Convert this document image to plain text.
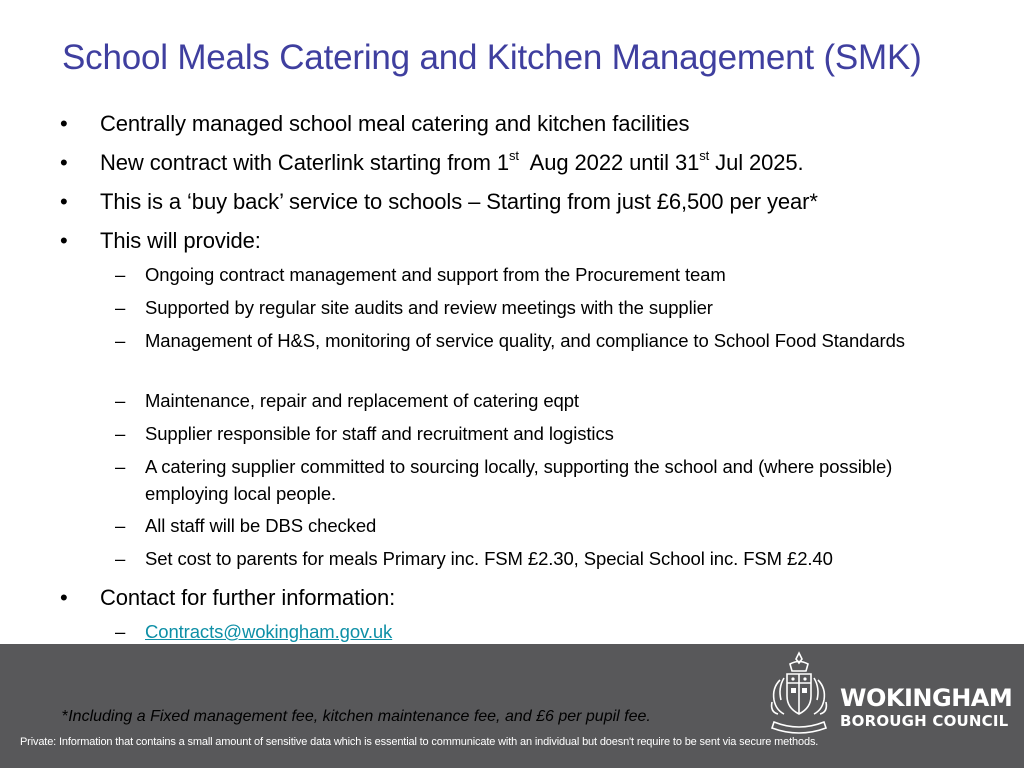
School Meals Catering and Kitchen Management (SMK)
•	Centrally managed school meal catering and kitchen facilities
•	New contract with Caterlink starting from 1st  Aug 2022 until 31st Jul 2025.
•	This is a ‘buy back’ service to schools – Starting from just £6,500 per year*
•	This will provide:
– Ongoing contract management and support from the Procurement team
– Supported by regular site audits and review meetings with the supplier
– Management of H&S, monitoring of service quality, and compliance to School Food Standards
– Maintenance, repair and replacement of catering eqpt
– Supplier responsible for staff and recruitment and logistics
– A catering supplier committed to sourcing locally, supporting the school and (where possible) employing local people.
– All staff will be DBS checked
– Set cost to parents for meals Primary inc. FSM £2.30, Special School inc. FSM £2.40
•	Contact for further information:
– Contracts@wokingham.gov.uk
*Including a Fixed management fee, kitchen maintenance fee, and £6 per pupil fee.
WOKINGHAM
BOROUGH COUNCIL
Private: Information that contains a small amount of sensitive data which is essential to communicate with an individual but doesn't require to be sent via secure methods.
